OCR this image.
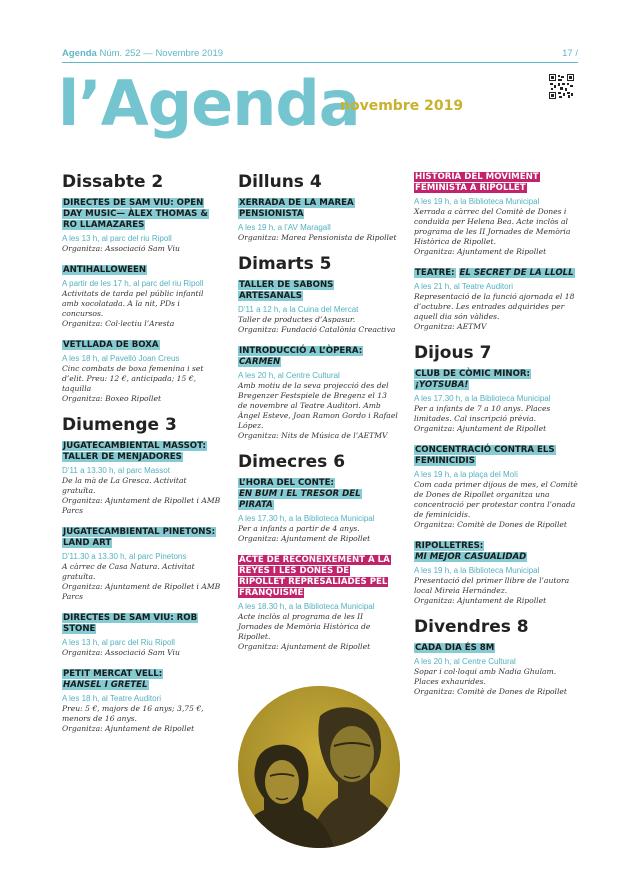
Agenda Núm. 252 — Novembre 2019	17 /
l’Agenda
novembre 2019
Dissabte 2
DIRECTES DE SAM VIU: OPEN DAY MUSIC— ÀLEX THOMAS & RO LLAMAZARES
A les 13 h, al parc del riu Ripoll
Organitza: Associació Sam Viu
ANTIHALLOWEEN
A partir de les 17 h, al parc del riu Ripoll
Activitats de tarda pel públic infantil amb xocolatada. A la nit, PDs i concursos.
Organitza: Col·lectiu l’Aresta
VETLLADA DE BOXA
A les 18 h, al Pavelló Joan Creus
Cinc combats de boxa femenina i set d’elit. Preu: 12 €, anticipada; 15 €, taquilla
Organitza: Boxeo Ripollet
Diumenge 3
JUGATECAMBIENTAL MASSOT: TALLER DE MENJADORES
D’11 a 13.30 h, al parc Massot
De la mà de La Gresca. Activitat gratuïta.
Organitza: Ajuntament de Ripollet i AMB Parcs
JUGATECAMBIENTAL PINETONS: LAND ART
D’11.30 a 13.30 h, al parc Pinetons
A càrrec de Casa Natura. Activitat gratuïta.
Organitza: Ajuntament de Ripollet i AMB Parcs
DIRECTES DE SAM VIU: ROB STONE
A les 13 h, al parc del Riu Ripoll
Organitza: Associació Sam Viu
PETIT MERCAT VELL:
HANSEL I GRETEL
A les 18 h, al Teatre Auditori
Preu: 5 €, majors de 16 anys; 3,75 €, menors de 16 anys.
Organitza: Ajuntament de Ripollet
Dilluns 4
XERRADA DE LA MAREA PENSIONISTA
A les 19 h, a l’AV Maragall
Organitza: Marea Pensionista de Ripollet
Dimarts 5
TALLER DE SABONS ARTESANALS
D’11 a 12 h, a la Cuina del Mercat
Taller de productes d’Aspasur.
Organitza: Fundació Catalònia Creactiva
INTRODUCCIÓ A L’ÒPERA:
CARMEN
A les 20 h, al Centre Cultural
Amb motiu de la seva projecció des del Bregenzer Festspiele de Bregenz el 13 de novembre al Teatre Auditori. Amb Àngel Esteve, Joan Ramon Gordo i Rafael López.
Organitza: Nits de Música de l’AETMV
Dimecres 6
L’HORA DEL CONTE:
EN BUM I EL TRESOR DEL PIRATA
A les 17.30 h, a la Biblioteca Municipal
Per a infants a partir de 4 anys.
Organitza: Ajuntament de Ripollet
ACTE DE RECONEIXEMENT A LA REYES I LES DONES DE RIPOLLET REPRESALIADES PEL FRANQUISME
A les 18.30 h, a la Biblioteca Municipal
Acte inclòs al programa de les II Jornades de Memòria Històrica de Ripollet.
Organitza: Ajuntament de Ripollet
HISTÒRIA DEL MOVIMENT FEMINISTA A RIPOLLET
A les 19 h, a la Biblioteca Municipal
Xerrada a càrrec del Comitè de Dones i conduïda per Helena Bea. Acte inclòs al programa de les II Jornades de Memòria Històrica de Ripollet.
Organitza: Ajuntament de Ripollet
TEATRE: EL SECRET DE LA LLOLL
A les 21 h, al Teatre Auditori
Representació de la funció ajornada el 18 d’octubre. Les entrades adquirides per aquell dia són vàlides.
Organitza: AETMV
Dijous 7
CLUB DE CÒMIC MINOR: ¡YOTSUBA!
A les 17.30 h, a la Biblioteca Municipal
Per a infants de 7 a 10 anys. Places limitades. Cal inscripció prèvia.
Organitza: Ajuntament de Ripollet
CONCENTRACIÓ CONTRA ELS FEMINICIDIS
A les 19 h, a la plaça del Molí
Com cada primer dijous de mes, el Comitè de Dones de Ripollet organitza una concentració per protestar contra l’onada de feminicidis.
Organitza: Comitè de Dones de Ripollet
RIPOLLETRES:
MI MEJOR CASUALIDAD
A les 19 h, a la Biblioteca Municipal
Presentació del primer llibre de l’autora local Mireia Hernández.
Organitza: Ajuntament de Ripollet
Divendres 8
CADA DIA ÉS 8M
A les 20 h, al Centre Cultural
Sopar i col·loqui amb Nadia Ghulam. Places exhaurides.
Organitza: Comitè de Dones de Ripollet
